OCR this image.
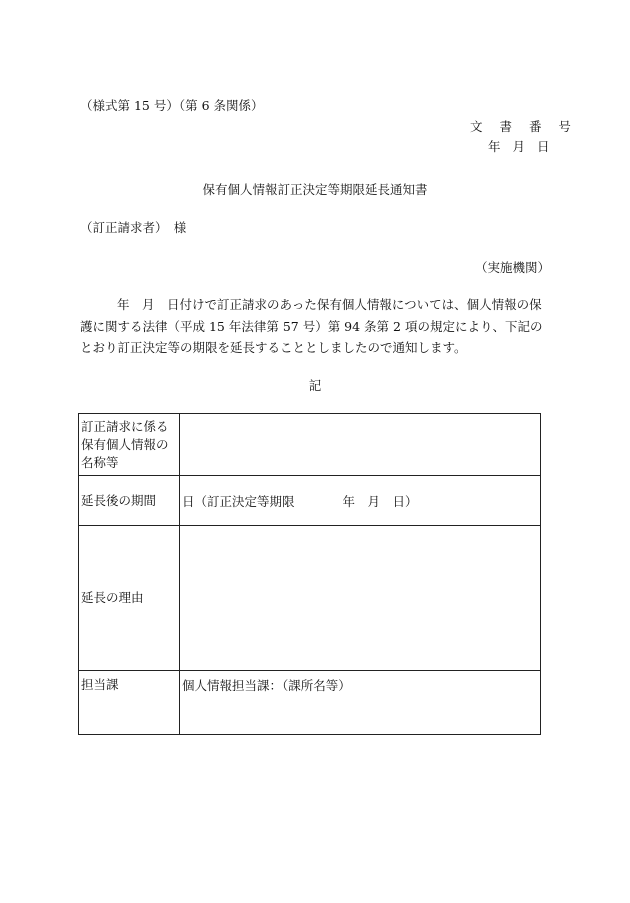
（様式第 15 号）（第 6 条関係）
文 書 番 号
年 月 日
保有個人情報訂正決定等期限延長通知書
（訂正請求者）　様
（実施機関）
年　月　日付けで訂正請求のあった保有個人情報については、個人情報の保護に関する法律（平成 15 年法律第 57 号）第 94 条第 2 項の規定により、下記のとおり訂正決定等の期限を延長することとしましたので通知します。
記
訂正請求に係る保有個人情報の名称等	
延長後の期間	日（訂正決定等期限 年　月　日）
延長の理由	
担当課	個人情報担当課：（課所名等）
